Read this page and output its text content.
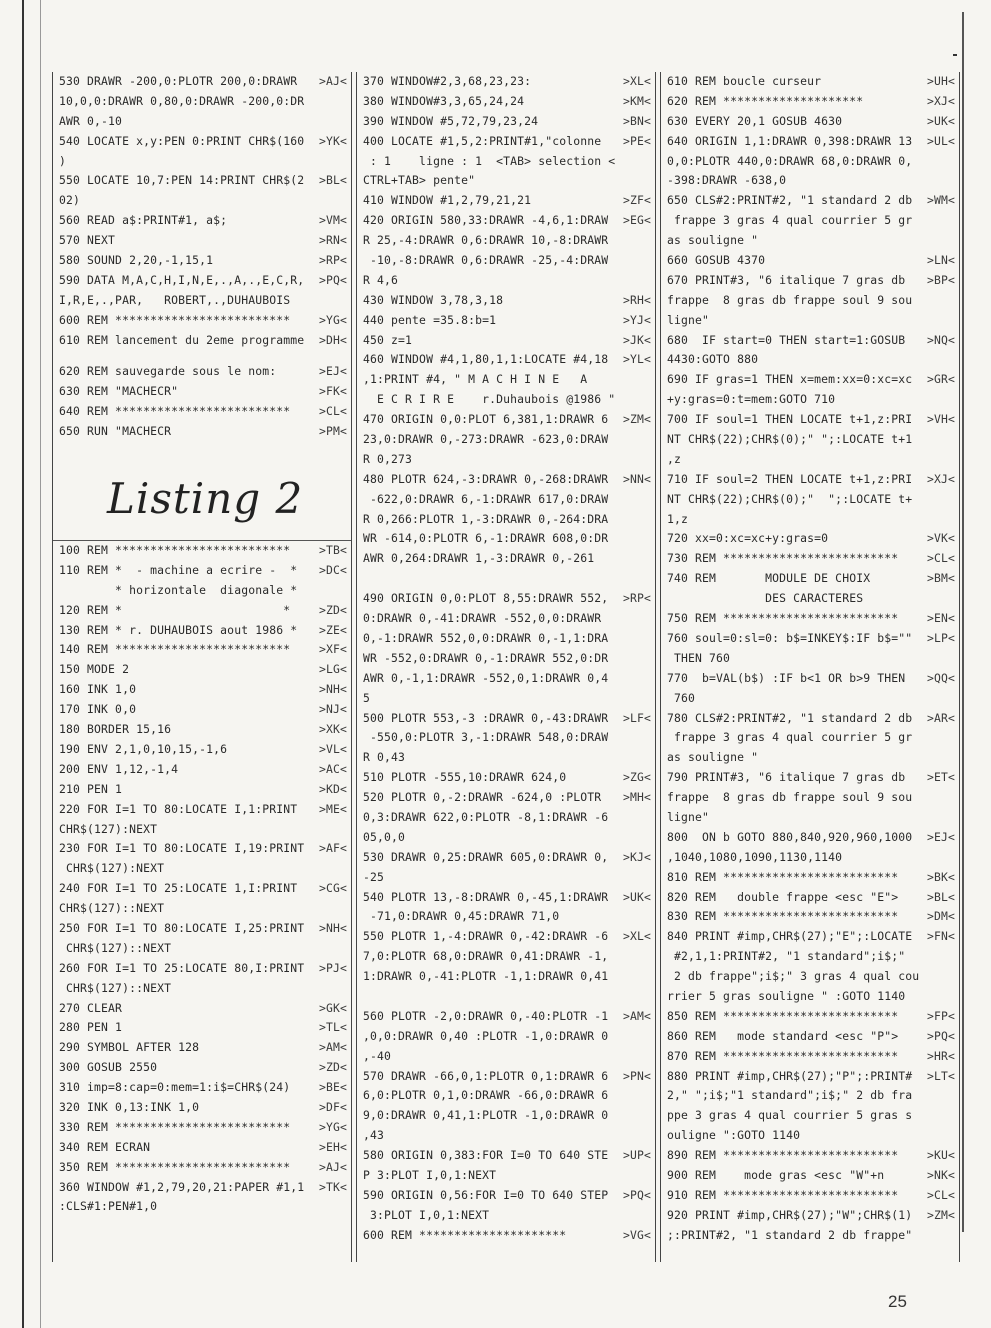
530 DRAWR -200,0:PLOTR 200,0:DRAWR >AJ<
10,0,0:DRAWR 0,80,0:DRAWR -200,0:DR
AWR 0,-10
540 LOCATE x,y:PEN 0:PRINT CHR$(160 >YK<
)
550 LOCATE 10,7:PEN 14:PRINT CHR$(2 >BL<
02)
560 READ a$:PRINT#1, a$;	>VM<
570 NEXT	>RN<
580 SOUND 2,20,-1,15,1	>RP<
590 DATA M,A,C,H,I,N,E,.,A,.,E,C,R, >PQ<
I,R,E,.,PAR,   ROBERT,.,DUHAUBOIS
600 REM *************************	>YG<
610 REM lancement du 2eme programme >DH<
620 REM sauvegarde sous le nom:	>EJ<
630 REM "MACHECR"	>FK<
640 REM *************************	>CL<
650 RUN "MACHECR	>PM<
Listing 2
100 REM *************************	>TB<
110 REM *  - machine a ecrire -  * >DC<
* horizontale  diagonale *
120 REM *                       *	>ZD<
130 REM * r. DUHAUBOIS aout 1986 * >ZE<
140 REM *************************	>XF<
150 MODE 2	>LG<
160 INK 1,0	>NH<
170 INK 0,0	>NJ<
180 BORDER 15,16	>XK<
190 ENV 2,1,0,10,15,-1,6	>VL<
200 ENV 1,12,-1,4	>AC<
210 PEN 1	>KD<
220 FOR I=1 TO 80:LOCATE I,1:PRINT >ME<
CHR$(127):NEXT
230 FOR I=1 TO 80:LOCATE I,19:PRINT >AF<
CHR$(127):NEXT
240 FOR I=1 TO 25:LOCATE 1,I:PRINT >CG<
CHR$(127)::NEXT
250 FOR I=1 TO 80:LOCATE I,25:PRINT >NH<
CHR$(127)::NEXT
260 FOR I=1 TO 25:LOCATE 80,I:PRINT >PJ<
CHR$(127)::NEXT
270 CLEAR	>GK<
280 PEN 1	>TL<
290 SYMBOL AFTER 128	>AM<
300 GOSUB 2550	>ZD<
310 imp=8:cap=0:mem=1:i$=CHR$(24)	>BE<
320 INK 0,13:INK 1,0	>DF<
330 REM *************************	>YG<
340 REM ECRAN	>EH<
350 REM *************************	>AJ<
360 WINDOW #1,2,79,20,21:PAPER #1,1 >TK<
:CLS#1:PEN#1,0
370 WINDOW#2,3,68,23,23:	>XL<
380 WINDOW#3,3,65,24,24	>KM<
390 WINDOW #5,72,79,23,24	>BN<
400 LOCATE #1,5,2:PRINT#1,"colonne >PE<
: 1    ligne : 1  <TAB> selection <
CTRL+TAB> pente"
410 WINDOW #1,2,79,21,21	>ZF<
420 ORIGIN 580,33:DRAWR -4,6,1:DRAW >EG<
R 25,-4:DRAWR 0,6:DRAWR 10,-8:DRAWR
-10,-8:DRAWR 0,6:DRAWR -25,-4:DRAW
R 4,6
430 WINDOW 3,78,3,18	>RH<
440 pente =35.8:b=1	>YJ<
450 z=1	>JK<
460 WINDOW #4,1,80,1,1:LOCATE #4,18 >YL<
,1:PRINT #4, " M A C H I N E   A
E C R I R E    r.Duhaubois @1986 "
470 ORIGIN 0,0:PLOT 6,381,1:DRAWR 6 >ZM<
23,0:DRAWR 0,-273:DRAWR -623,0:DRAW
R 0,273
480 PLOTR 624,-3:DRAWR 0,-268:DRAWR >NN<
-622,0:DRAWR 6,-1:DRAWR 617,0:DRAW
R 0,266:PLOTR 1,-3:DRAWR 0,-264:DRA
WR -614,0:PLOTR 6,-1:DRAWR 608,0:DR
AWR 0,264:DRAWR 1,-3:DRAWR 0,-261
490 ORIGIN 0,0:PLOT 8,55:DRAWR 552, >RP<
0:DRAWR 0,-41:DRAWR -552,0,0:DRAWR
0,-1:DRAWR 552,0,0:DRAWR 0,-1,1:DRA
WR -552,0:DRAWR 0,-1:DRAWR 552,0:DR
AWR 0,-1,1:DRAWR -552,0,1:DRAWR 0,4
5
500 PLOTR 553,-3 :DRAWR 0,-43:DRAWR >LF<
-550,0:PLOTR 3,-1:DRAWR 548,0:DRAW
R 0,43
510 PLOTR -555,10:DRAWR 624,0	>ZG<
520 PLOTR 0,-2:DRAWR -624,0 :PLOTR >MH<
0,3:DRAWR 622,0:PLOTR -8,1:DRAWR -6
05,0,0
530 DRAWR 0,25:DRAWR 605,0:DRAWR 0, >KJ<
-25
540 PLOTR 13,-8:DRAWR 0,-45,1:DRAWR >UK<
-71,0:DRAWR 0,45:DRAWR 71,0
550 PLOTR 1,-4:DRAWR 0,-42:DRAWR -6 >XL<
7,0:PLOTR 68,0:DRAWR 0,41:DRAWR -1,
1:DRAWR 0,-41:PLOTR -1,1:DRAWR 0,41
560 PLOTR -2,0:DRAWR 0,-40:PLOTR -1 >AM<
,0,0:DRAWR 0,40 :PLOTR -1,0:DRAWR 0
,-40
570 DRAWR -66,0,1:PLOTR 0,1:DRAWR 6 >PN<
6,0:PLOTR 0,1,0:DRAWR -66,0:DRAWR 6
9,0:DRAWR 0,41,1:PLOTR -1,0:DRAWR 0
,43
580 ORIGIN 0,383:FOR I=0 TO 640 STE >UP<
P 3:PLOT I,0,1:NEXT
590 ORIGIN 0,56:FOR I=0 TO 640 STEP >PQ<
3:PLOT I,0,1:NEXT
600 REM *********************	>VG<
610 REM boucle curseur	>UH<
620 REM ********************	>XJ<
630 EVERY 20,1 GOSUB 4630	>UK<
640 ORIGIN 1,1:DRAWR 0,398:DRAWR 13 >UL<
0,0:PLOTR 440,0:DRAWR 68,0:DRAWR 0,
-398:DRAWR -638,0
650 CLS#2:PRINT#2, "1 standard 2 db >WM<
frappe 3 gras 4 qual courrier 5 gr
as souligne "
660 GOSUB 4370	>LN<
670 PRINT#3, "6 italique 7 gras db >BP<
frappe  8 gras db frappe soul 9 sou
ligne"
680  IF start=0 THEN start=1:GOSUB >NQ<
4430:GOTO 880
690 IF gras=1 THEN x=mem:xx=0:xc=xc >GR<
+y:gras=0:t=mem:GOTO 710
700 IF soul=1 THEN LOCATE t+1,z:PRI >VH<
NT CHR$(22);CHR$(0);" ";:LOCATE t+1
,z
710 IF soul=2 THEN LOCATE t+1,z:PRI >XJ<
NT CHR$(22);CHR$(0);"  ";:LOCATE t+
1,z
720 xx=0:xc=xc+y:gras=0	>VK<
730 REM *************************	>CL<
740 REM       MODULE DE CHOIX	>BM<
DES CARACTERES
750 REM *************************	>EN<
760 soul=0:sl=0: b$=INKEY$:IF b$="" >LP<
THEN 760
770  b=VAL(b$) :IF b<1 OR b>9 THEN >QQ<
760
780 CLS#2:PRINT#2, "1 standard 2 db >AR<
frappe 3 gras 4 qual courrier 5 gr
as souligne "
790 PRINT#3, "6 italique 7 gras db >ET<
frappe  8 gras db frappe soul 9 sou
ligne"
800  ON b GOTO 880,840,920,960,1000 >EJ<
,1040,1080,1090,1130,1140
810 REM *************************	>BK<
820 REM   double frappe <esc "E">	>BL<
830 REM *************************	>DM<
840 PRINT #imp,CHR$(27);"E";:LOCATE >FN<
#2,1,1:PRINT#2, "1 standard";i$;"
2 db frappe";i$;" 3 gras 4 qual cou
rrier 5 gras souligne " :GOTO 1140
850 REM *************************	>FP<
860 REM   mode standard <esc "P">	>PQ<
870 REM *************************	>HR<
880 PRINT #imp,CHR$(27);"P";:PRINT# >LT<
2," ";i$;"1 standard";i$;" 2 db fra
ppe 3 gras 4 qual courrier 5 gras s
ouligne ":GOTO 1140
890 REM *************************	>KU<
900 REM    mode gras <esc "W"+n	>NK<
910 REM *************************	>CL<
920 PRINT #imp,CHR$(27);"W";CHR$(1) >ZM<
;:PRINT#2, "1 standard 2 db frappe"
25
